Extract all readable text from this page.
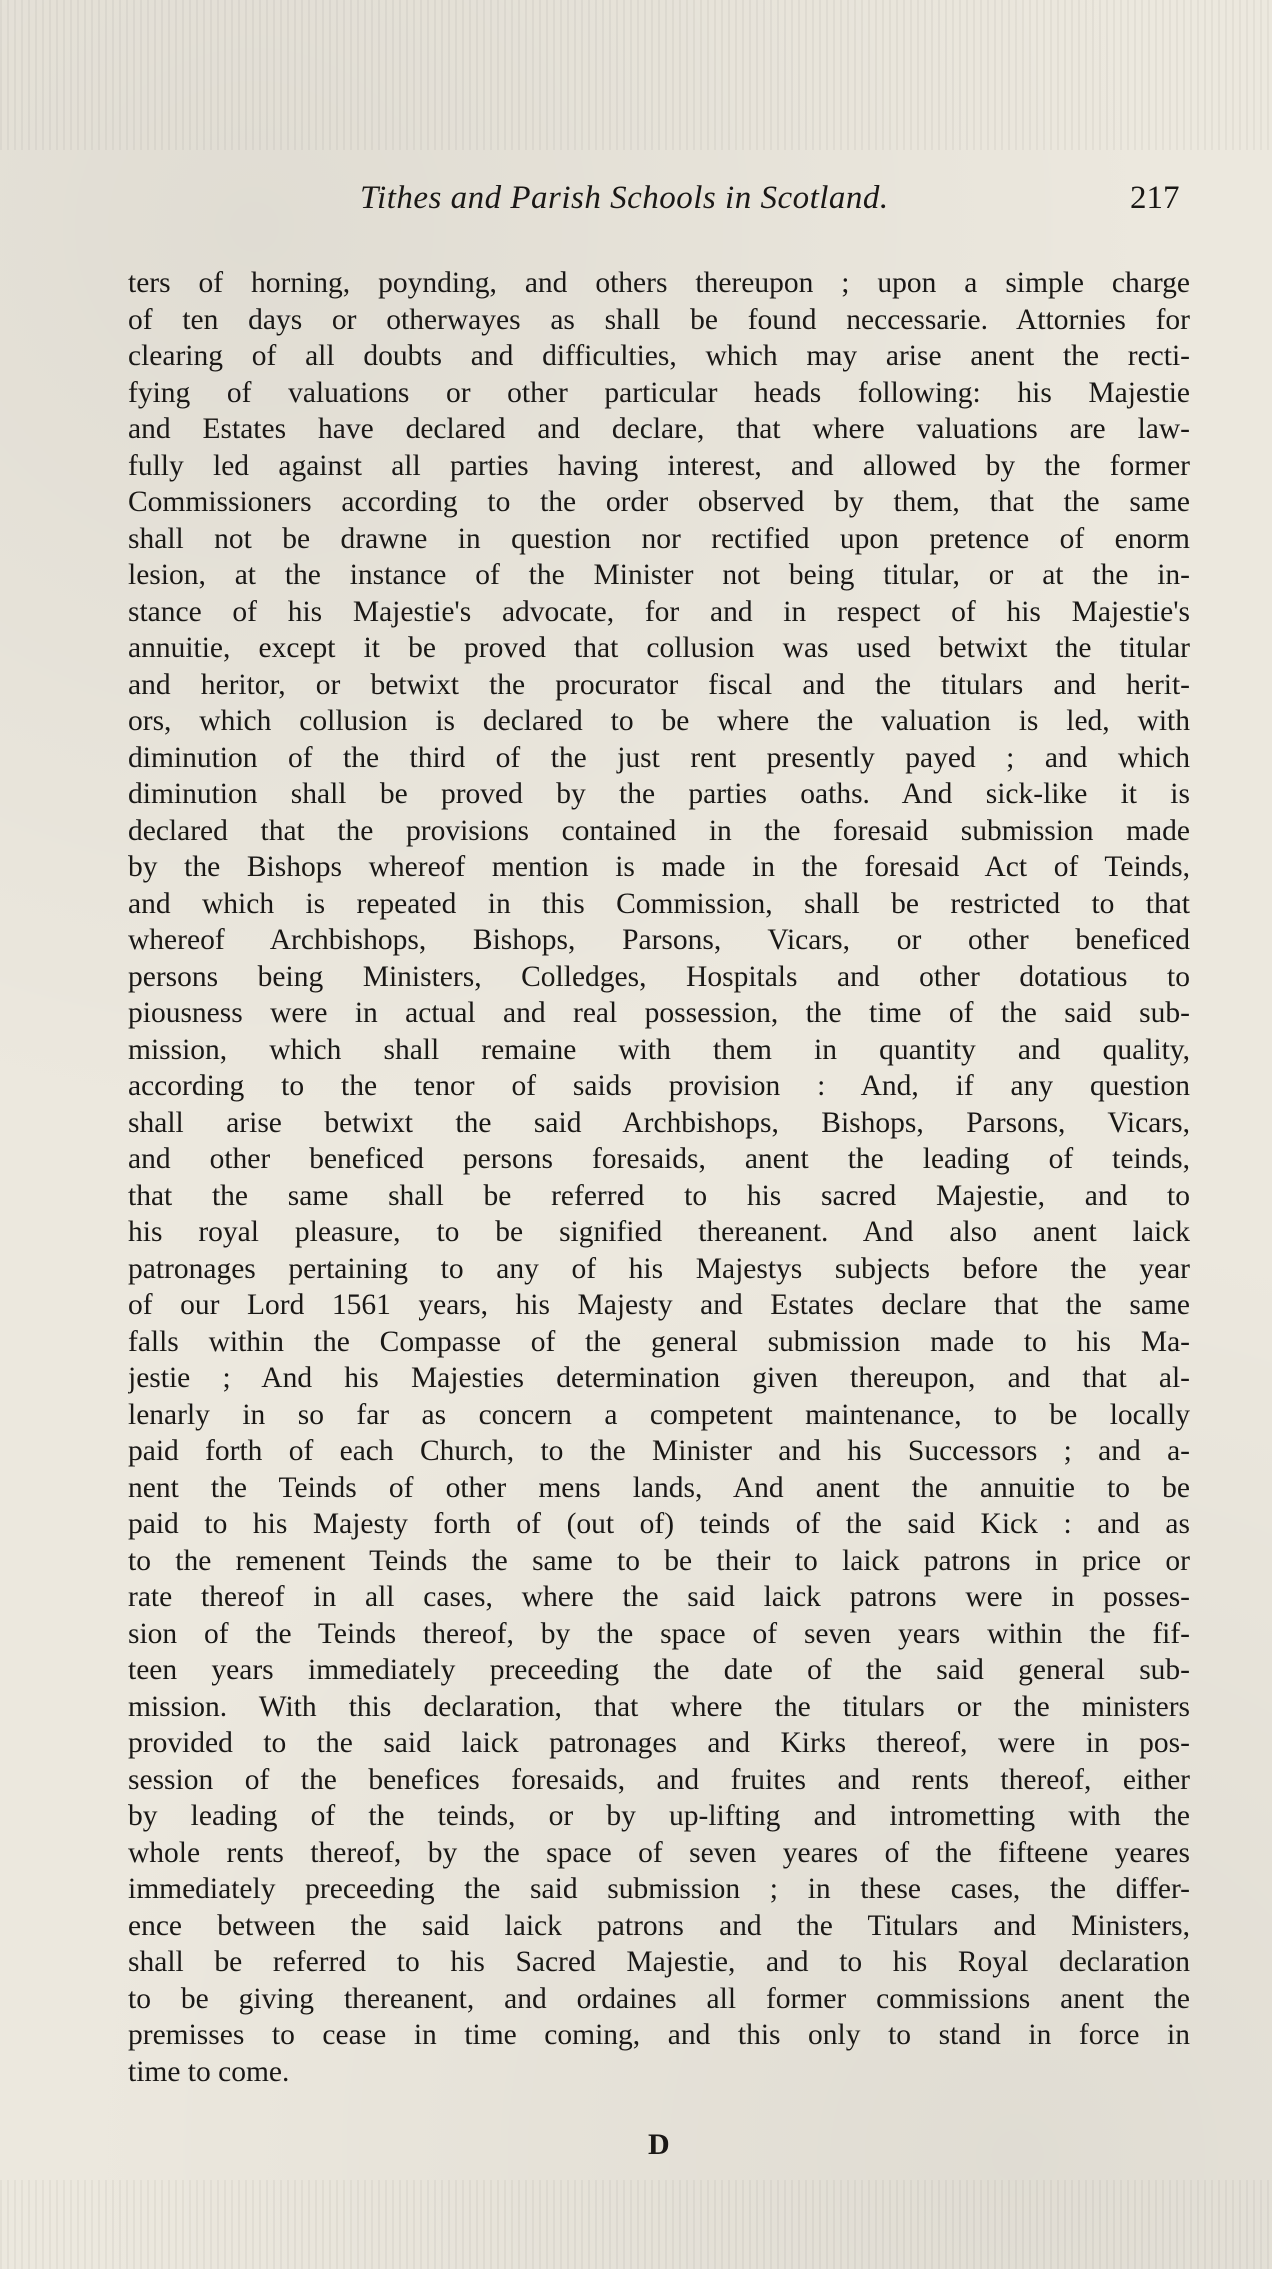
Tithes and Parish Schools in Scotland.	217
ters of horning, poynding, and others thereupon ; upon a simple charge
of ten days or otherwayes as shall be found neccessarie. Attornies for
clearing of all doubts and difficulties, which may arise anent the recti-
fying of valuations or other particular heads following: his Majestie
and Estates have declared and declare, that where valuations are law-
fully led against all parties having interest, and allowed by the former
Commissioners according to the order observed by them, that the same
shall not be drawne in question nor rectified upon pretence of enorm
lesion, at the instance of the Minister not being titular, or at the in-
stance of his Majestie's advocate, for and in respect of his Majestie's
annuitie, except it be proved that collusion was used betwixt the titular
and heritor, or betwixt the procurator fiscal and the titulars and herit-
ors, which collusion is declared to be where the valuation is led, with
diminution of the third of the just rent presently payed ; and which
diminution shall be proved by the parties oaths. And sick-like it is
declared that the provisions contained in the foresaid submission made
by the Bishops whereof mention is made in the foresaid Act of Teinds,
and which is repeated in this Commission, shall be restricted to that
whereof Archbishops, Bishops, Parsons, Vicars, or other beneficed
persons being Ministers, Colledges, Hospitals and other dotatious to
piousness were in actual and real possession, the time of the said sub-
mission, which shall remaine with them in quantity and quality,
according to the tenor of saids provision : And, if any question
shall arise betwixt the said Archbishops, Bishops, Parsons, Vicars,
and other beneficed persons foresaids, anent the leading of teinds,
that the same shall be referred to his sacred Majestie, and to
his royal pleasure, to be signified thereanent. And also anent laick
patronages pertaining to any of his Majestys subjects before the year
of our Lord 1561 years, his Majesty and Estates declare that the same
falls within the Compasse of the general submission made to his Ma-
jestie ; And his Majesties determination given thereupon, and that al-
lenarly in so far as concern a competent maintenance, to be locally
paid forth of each Church, to the Minister and his Successors ; and a-
nent the Teinds of other mens lands, And anent the annuitie to be
paid to his Majesty forth of (out of) teinds of the said Kick : and as
to the remenent Teinds the same to be their to laick patrons in price or
rate thereof in all cases, where the said laick patrons were in posses-
sion of the Teinds thereof, by the space of seven years within the fif-
teen years immediately preceeding the date of the said general sub-
mission. With this declaration, that where the titulars or the ministers
provided to the said laick patronages and Kirks thereof, were in pos-
session of the benefices foresaids, and fruites and rents thereof, either
by leading of the teinds, or by up-lifting and intrometting with the
whole rents thereof, by the space of seven yeares of the fifteene yeares
immediately preceeding the said submission ; in these cases, the differ-
ence between the said laick patrons and the Titulars and Ministers,
shall be referred to his Sacred Majestie, and to his Royal declaration
to be giving thereanent, and ordaines all former commissions anent the
premisses to cease in time coming, and this only to stand in force in
time to come.
D
